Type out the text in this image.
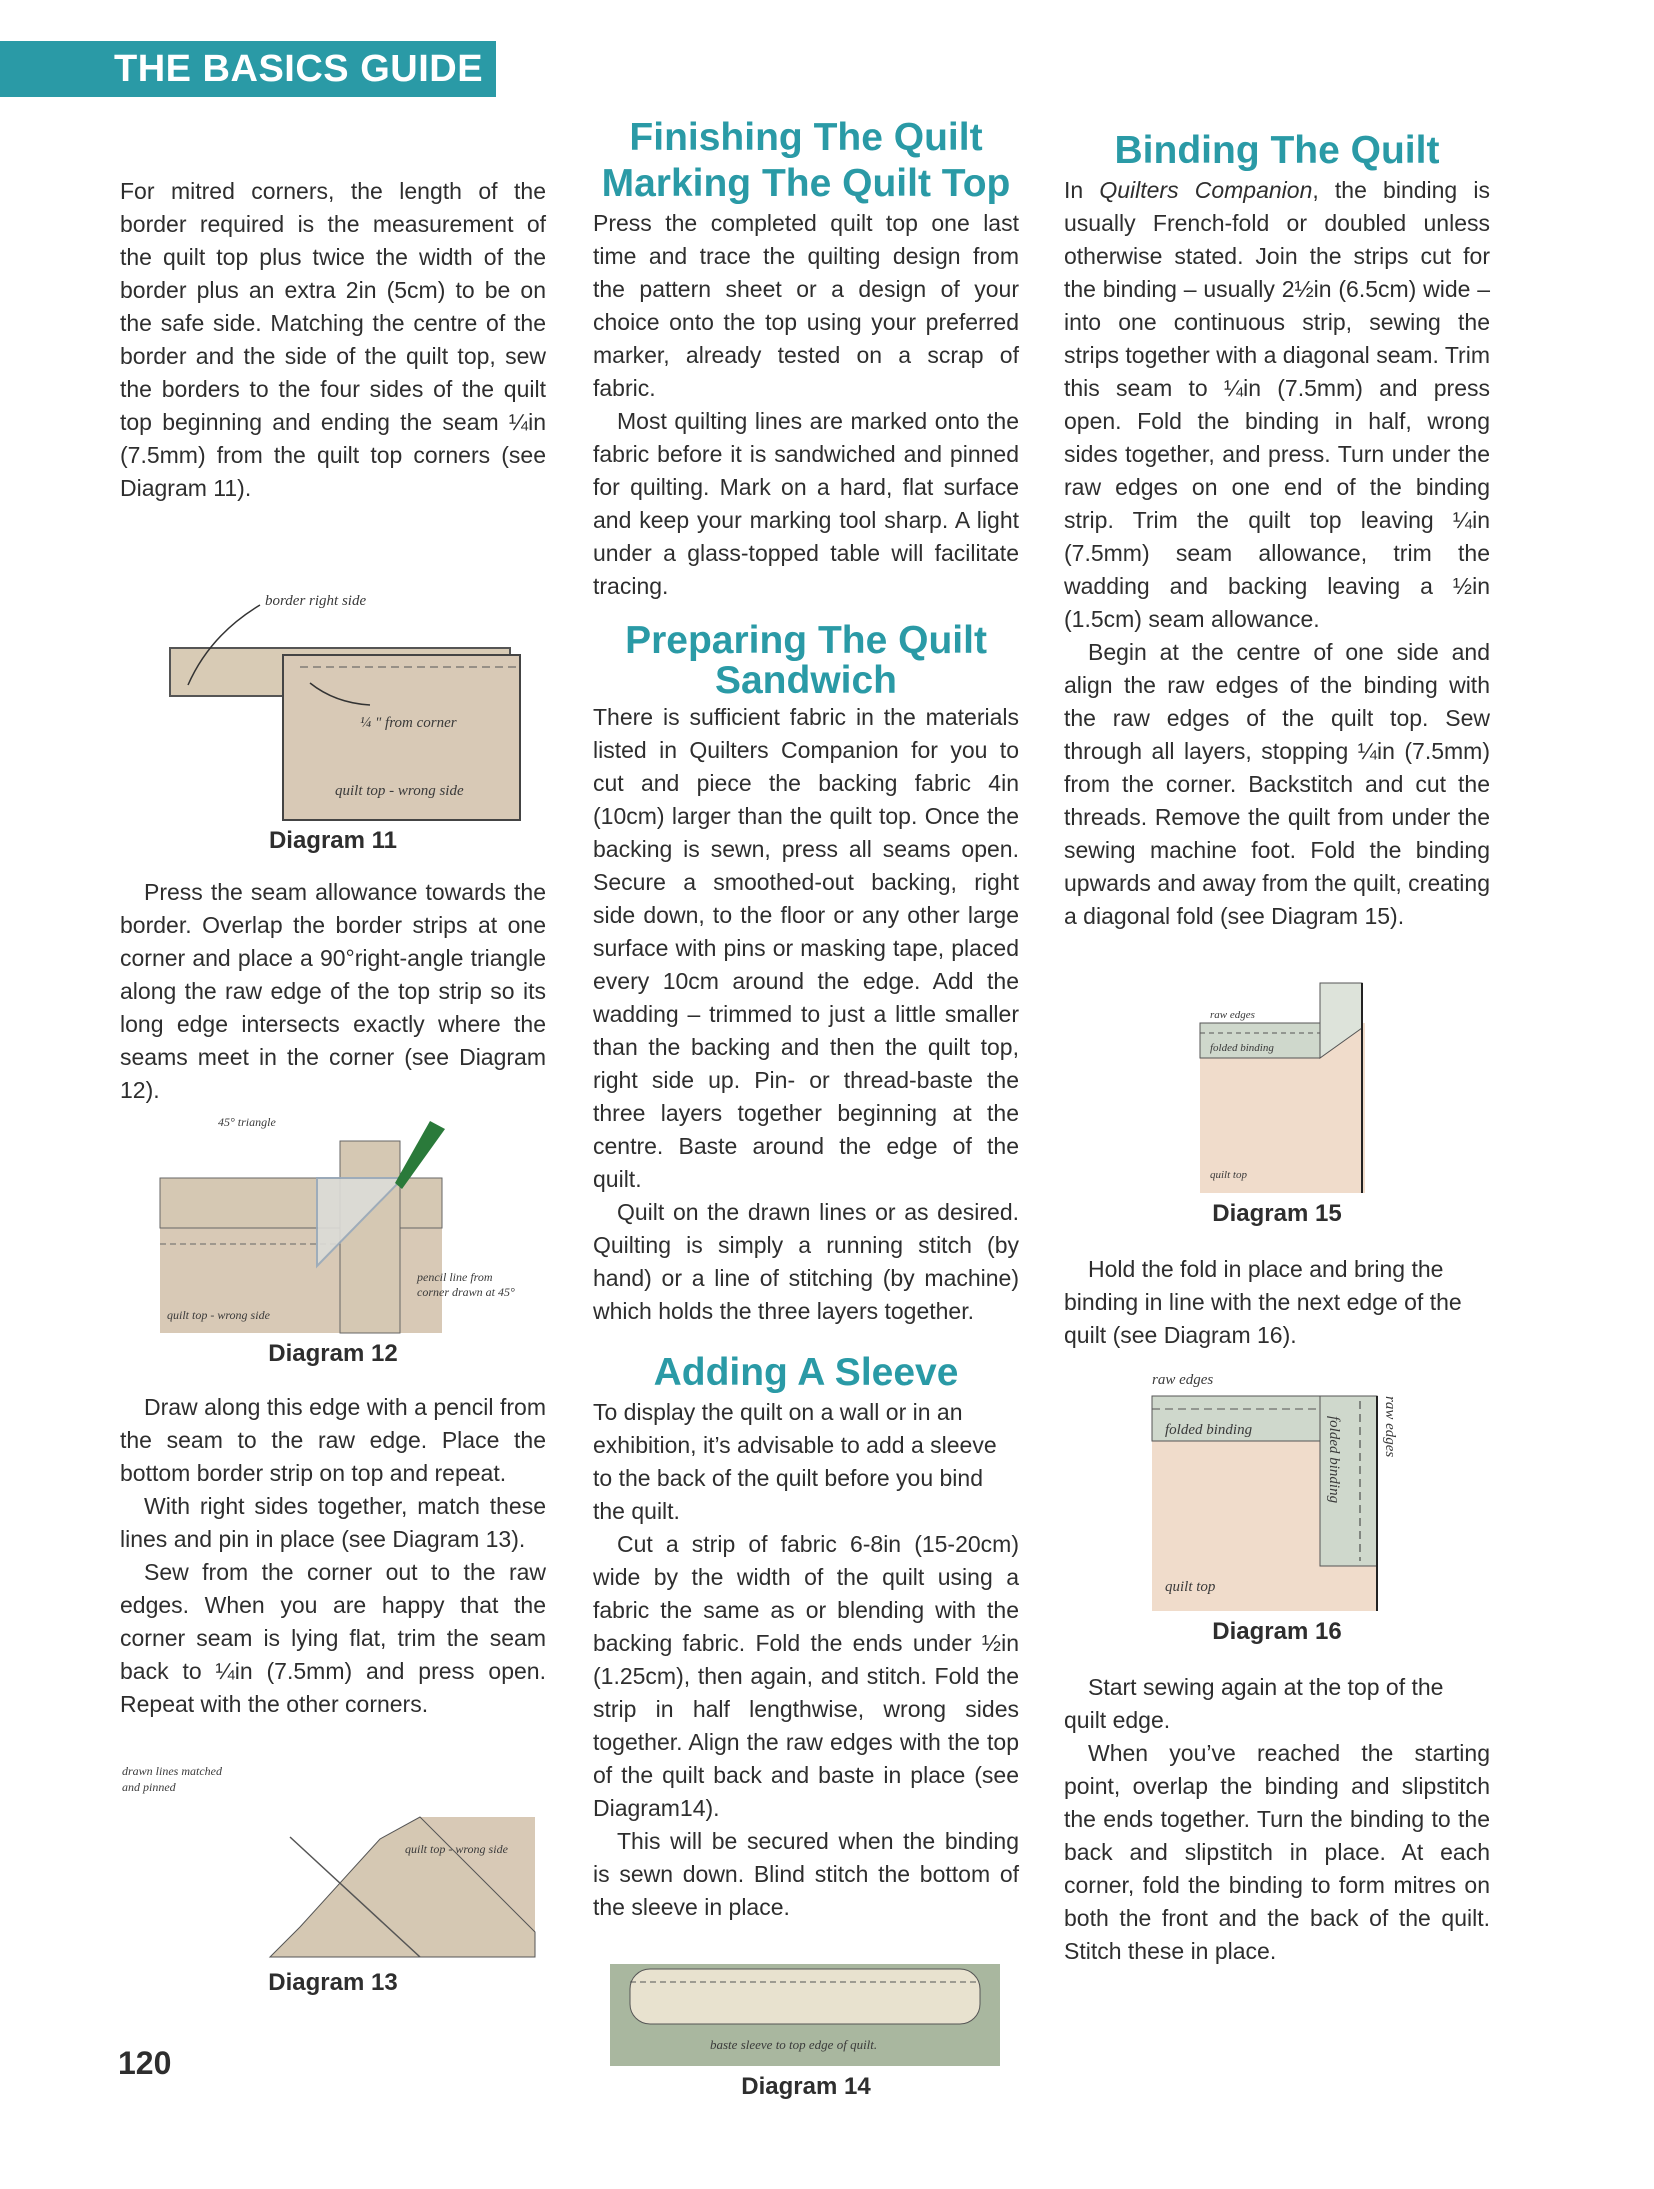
THE BASICS GUIDE

For mitred corners, the length of the border required is the measurement of the quilt top plus twice the width of the border plus an extra 2in (5cm) to be on the safe side. Matching the centre of the border and the side of the quilt top, sew the borders to the four sides of the quilt top beginning and ending the seam ¼in (7.5mm) from the quilt top corners (see Diagram 11).

border right side
¼ " from corner
quilt top - wrong side
Diagram 11

Press the seam allowance towards the border. Overlap the border strips at one corner and place a 90°right-angle triangle along the raw edge of the top strip so its long edge intersects exactly where the seams meet in the corner (see Diagram 12).

45° triangle
pencil line from
corner drawn at 45°
quilt top - wrong side
Diagram 12

Draw along this edge with a pencil from the seam to the raw edge. Place the bottom border strip on top and repeat.

With right sides together, match these lines and pin in place (see Diagram 13).

Sew from the corner out to the raw edges. When you are happy that the corner seam is lying flat, trim the seam back to ¼in (7.5mm) and press open. Repeat with the other corners.

drawn lines matched
and pinned
quilt top - wrong side
Diagram 13
120

Finishing The Quilt

Marking The Quilt Top

Press the completed quilt top one last time and trace the quilting design from the pattern sheet or a design of your choice onto the top using your preferred marker, already tested on a scrap of fabric.

Most quilting lines are marked onto the fabric before it is sandwiched and pinned for quilting. Mark on a hard, flat surface and keep your marking tool sharp. A light under a glass-topped table will facilitate tracing.

Preparing The Quilt Sandwich

There is sufficient fabric in the materials listed in Quilters Companion for you to cut and piece the backing fabric 4in (10cm) larger than the quilt top. Once the backing is sewn, press all seams open. Secure a smoothed-out backing, right side down, to the floor or any other large surface with pins or masking tape, placed every 10cm around the edge. Add the wadding – trimmed to just a little smaller than the backing and then the quilt top, right side up. Pin- or thread-baste the three layers together beginning at the centre. Baste around the edge of the quilt.

Quilt on the drawn lines or as desired. Quilting is simply a running stitch (by hand) or a line of stitching (by machine) which holds the three layers together.

Adding A Sleeve

To display the quilt on a wall or in an exhibition, it’s advisable to add a sleeve to the back of the quilt before you bind the quilt.

Cut a strip of fabric 6-8in (15-20cm) wide by the width of the quilt using a fabric the same as or blending with the backing fabric. Fold the ends under ½in (1.25cm), then again, and stitch. Fold the strip in half lengthwise, wrong sides together. Align the raw edges with the top of the quilt back and baste in place (see Diagram14).

This will be secured when the binding is sewn down. Blind stitch the bottom of the sleeve in place.

baste sleeve to top edge of quilt.
Diagram 14

Binding The Quilt

In Quilters Companion, the binding is usually French-fold or doubled unless otherwise stated. Join the strips cut for the binding – usually 2½in (6.5cm) wide – into one continuous strip, sewing the strips together with a diagonal seam. Trim this seam to ¼in (7.5mm) and press open. Fold the binding in half, wrong sides together, and press. Turn under the raw edges on one end of the binding strip. Trim the quilt top leaving ¼in (7.5mm) seam allowance, trim the wadding and backing leaving a ½in (1.5cm) seam allowance.

Begin at the centre of one side and align the raw edges of the binding with the raw edges of the quilt top. Sew through all layers, stopping ¼in (7.5mm) from the corner. Backstitch and cut the threads. Remove the quilt from under the sewing machine foot. Fold the binding upwards and away from the quilt, creating a diagonal fold (see Diagram 15).

raw edges
folded binding
quilt top
Diagram 15

Hold the fold in place and bring the binding in line with the next edge of the quilt (see Diagram 16).

raw edges
folded binding	folded binding	raw edges
quilt top
Diagram 16

Start sewing again at the top of the quilt edge.

When you’ve reached the starting point, overlap the binding and slipstitch the ends together. Turn the binding to the back and slipstitch in place. At each corner, fold the binding to form mitres on both the front and the back of the quilt. Stitch these in place.
